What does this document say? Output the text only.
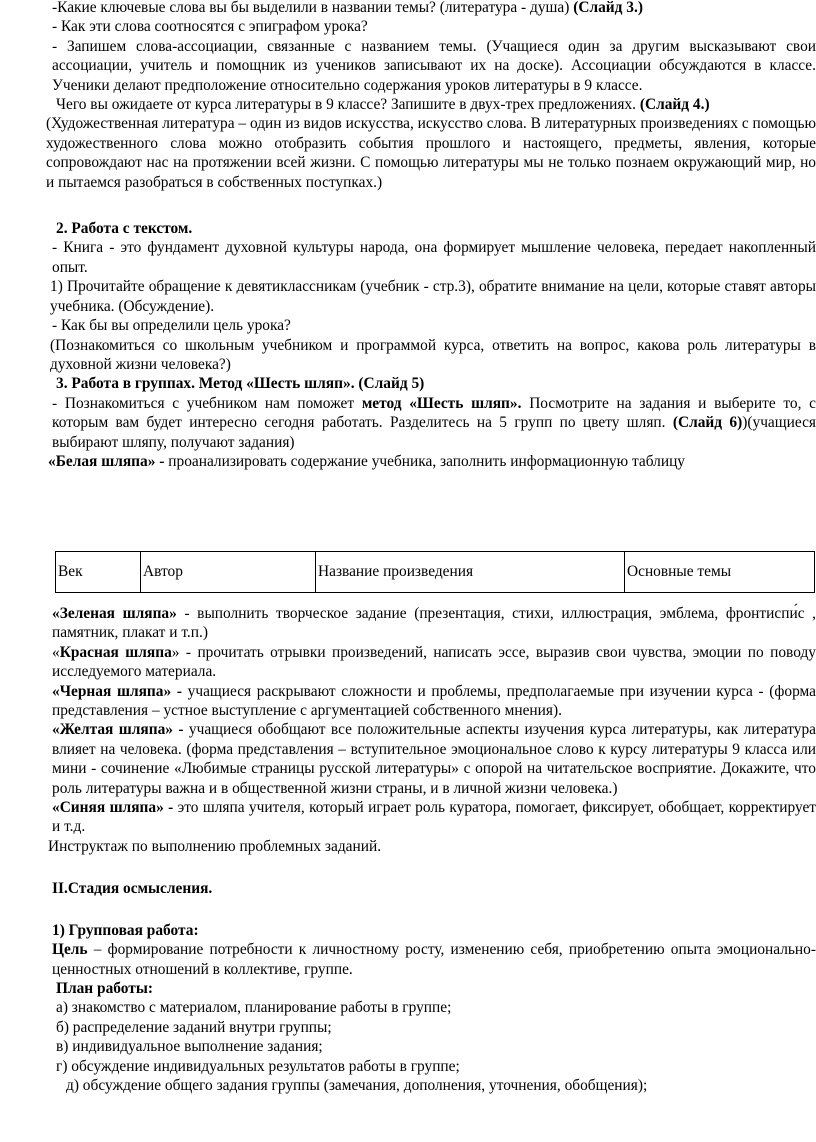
-Какие ключевые слова вы бы выделили в названии темы? (литература - душа) (Слайд 3.)

- Как эти слова соотносятся с эпиграфом урока?

- Запишем слова-ассоциации, связанные с названием темы. (Учащиеся один за другим высказывают свои ассоциации, учитель и помощник из учеников записывают их на доске). Ассоциации обсуждаются в классе. Ученики делают предположение относительно содержания уроков литературы в 9 классе.

Чего вы ожидаете от курса литературы в 9 классе? Запишите в двух-трех предложениях. (Слайд 4.)

(Художественная литература – один из видов искусства, искусство слова. В литературных произведениях с помощью художественного слова можно отобразить события прошлого и настоящего, предметы, явления, которые сопровождают нас на протяжении всей жизни. С помощью литературы мы не только познаем окружающий мир, но и пытаемся разобраться в собственных поступках.)

2. Работа с текстом.

- Книга - это фундамент духовной культуры народа, она формирует мышление человека, передает накопленный опыт.

1) Прочитайте обращение к девятиклассникам (учебник - стр.3), обратите внимание на цели, которые ставят авторы учебника. (Обсуждение).

- Как бы вы определили цель урока?

(Познакомиться со школьным учебником и программой курса, ответить на вопрос, какова роль литературы в духовной жизни человека?)

3. Работа в группах. Метод «Шесть шляп». (Слайд 5)

- Познакомиться с учебником нам поможет метод «Шесть шляп». Посмотрите на задания и выберите то, с которым вам будет интересно сегодня работать. Разделитесь на 5 групп по цвету шляп. (Слайд 6))(учащиеся выбирают шляпу, получают задания)

«Белая шляпа» - проанализировать содержание учебника, заполнить информационную таблицу

Век	Автор	Название произведения	Основные темы

«Зеленая шляпа» - выполнить творческое задание (презентация, стихи, иллюстрация, эмблема, фронтиспи́с , памятник, плакат и т.п.)

«Красная шляпа» - прочитать отрывки произведений, написать эссе, выразив свои чувства, эмоции по поводу исследуемого материала.

«Черная шляпа» - учащиеся раскрывают сложности и проблемы, предполагаемые при изучении курса - (форма представления – устное выступление с аргументацией собственного мнения).

«Желтая шляпа» - учащиеся обобщают все положительные аспекты изучения курса литературы, как литература влияет на человека. (форма представления – вступительное эмоциональное слово к курсу литературы 9 класса или мини - сочинение «Любимые страницы русской литературы» с опорой на читательское восприятие. Докажите, что роль литературы важна и в общественной жизни страны, и в личной жизни человека.)

«Синяя шляпа» - это шляпа учителя, который играет роль куратора, помогает, фиксирует, обобщает, корректирует и т.д.

Инструктаж по выполнению проблемных заданий.

II.Стадия осмысления.

1) Групповая работа:

Цель – формирование потребности к личностному росту, изменению себя, приобретению опыта эмоционально-ценностных отношений в коллективе, группе.

План работы:

а) знакомство с материалом, планирование работы в группе;

б) распределение заданий внутри группы;

в) индивидуальное выполнение задания;

г) обсуждение индивидуальных результатов работы в группе;

д) обсуждение общего задания группы (замечания, дополнения, уточнения, обобщения);
